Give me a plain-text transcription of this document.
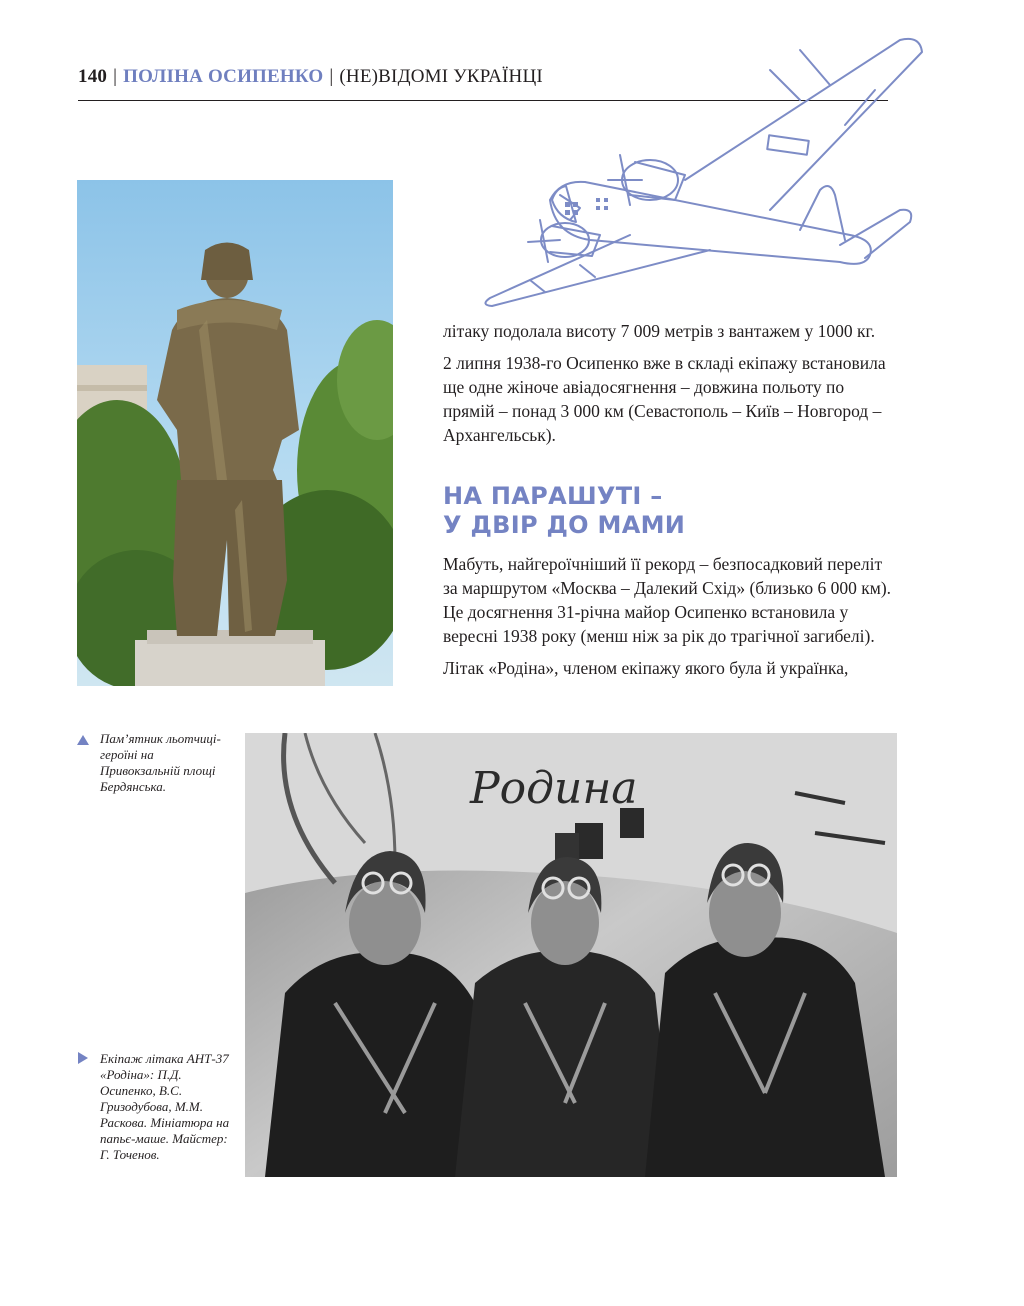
140 | ПОЛІНА ОСИПЕНКО | (НЕ)ВІДОМІ УКРАЇНЦІ

літаку подолала висоту 7 009 метрів з вантажем у 1000 кг.

2 липня 1938-го Осипенко вже в складі екіпажу встановила ще одне жіноче авіадосягнення – довжина польоту по прямій – понад 3 000 км (Севастополь – Київ – Новгород – Архангельськ).

НА ПАРАШУТІ –
У ДВІР ДО МАМИ

Мабуть, найгероїчніший її рекорд – безпосадковий переліт за маршрутом «Москва – Далекий Схід» (близько 6 000 км). Це досягнення 31-річна майор Осипенко встановила у вересні 1938 року (менш ніж за рік до трагічної загибелі).

Літак «Родіна», членом екіпажу якого була й українка,

Пам’ятник льотчиці-героїні на Привокзальній площі Бердянська.
Екіпаж літака АНТ-37 «Родіна»: П.Д. Осипенко, В.С. Гризодубова, М.М. Раскова. Мініатюра на папьє-маше. Майстер: Г. Точенов.
Родина
